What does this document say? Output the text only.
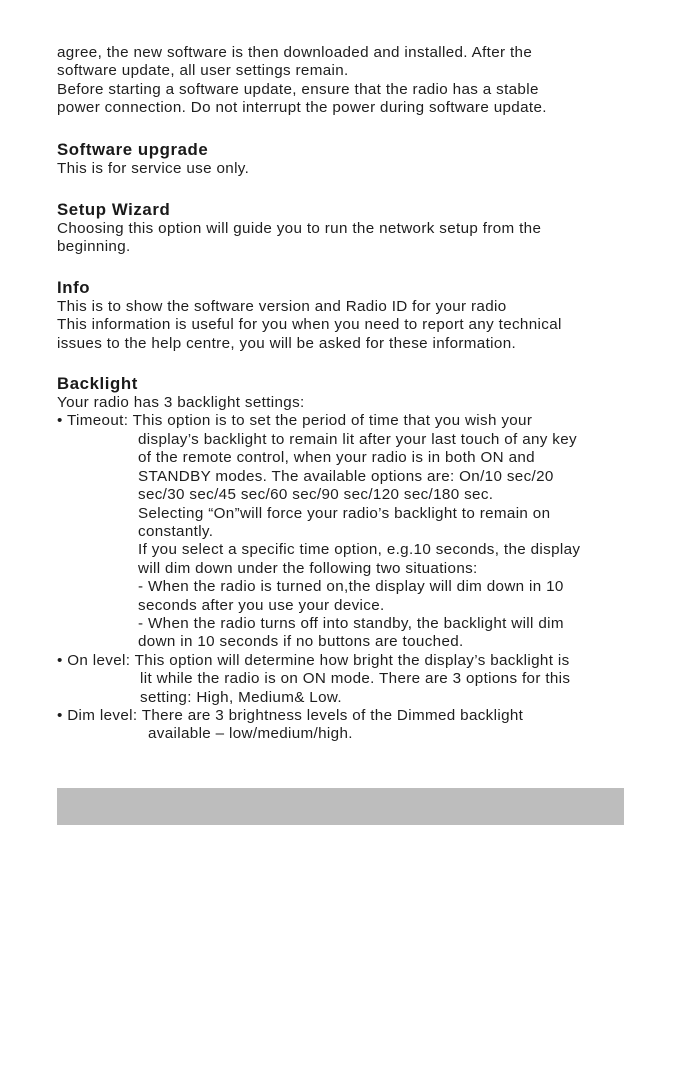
agree, the new software is then downloaded and installed. After the

software update, all user settings remain.

Before starting a software update, ensure that the radio has a stable

power connection. Do not interrupt the power during software update.

Software upgrade

This is for service use only.

Setup Wizard

Choosing this option will guide you to run the network setup from the

beginning.

Info

This is to show the software version and Radio ID for your radio

This information is useful for you when you need to report any technical

issues to the help centre, you will be asked for these information.

Backlight

Your radio has 3 backlight settings:

• Timeout: This option is to set the period of time that you wish your

display’s backlight to remain lit after your last touch of any key

of the remote control, when your radio is in both ON and

STANDBY modes. The available options are: On/10 sec/20

sec/30 sec/45 sec/60 sec/90 sec/120 sec/180 sec.

Selecting “On”will force your radio’s backlight to remain on

constantly.

If you select a specific time option, e.g.10 seconds, the display

will dim down under the following two situations:

- When the radio is turned on,the display will dim down in 10

seconds after you use your device.

- When the radio turns off into standby, the backlight will dim

down in 10 seconds if no buttons are touched.

• On level: This option will determine how bright the display’s backlight is

lit while the radio is on ON mode. There are 3 options for this

setting: High, Medium& Low.

• Dim level: There are 3 brightness levels of the Dimmed backlight

available – low/medium/high.
